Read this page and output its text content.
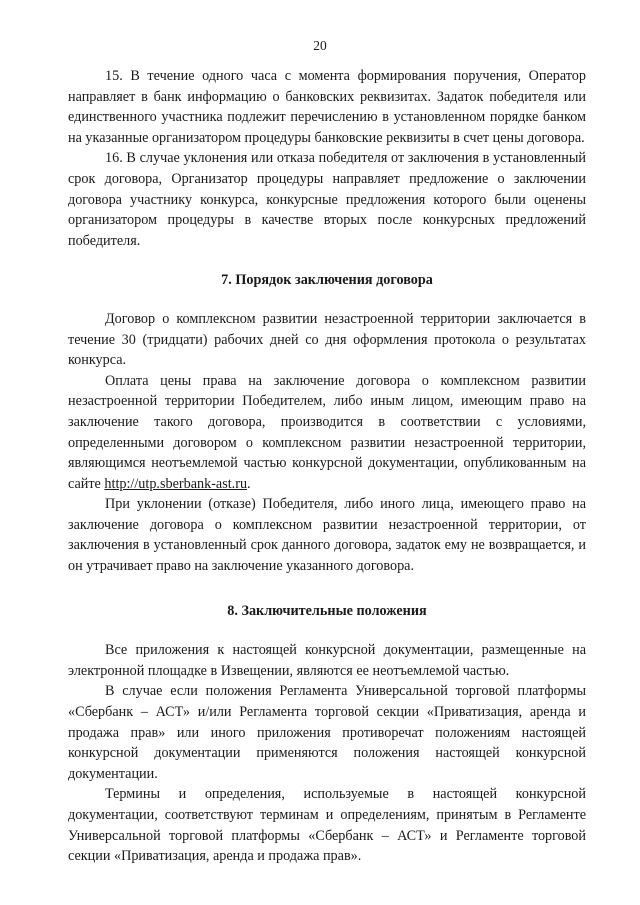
20

15. В течение одного часа с момента формирования поручения, Оператор направляет в банк информацию о банковских реквизитах. Задаток победителя или единственного участника подлежит перечислению в установленном порядке банком на указанные организатором процедуры банковские реквизиты в счет цены договора.

16. В случае уклонения или отказа победителя от заключения в установленный срок договора, Организатор процедуры направляет предложение о заключении договора участнику конкурса, конкурсные предложения которого были оценены организатором процедуры в качестве вторых после конкурсных предложений победителя.

7. Порядок заключения договора

Договор о комплексном развитии незастроенной территории заключается в течение 30 (тридцати) рабочих дней со дня оформления протокола о результатах конкурса.

Оплата цены права на заключение договора о комплексном развитии незастроенной территории Победителем, либо иным лицом, имеющим право на заключение такого договора, производится в соответствии с условиями, определенными договором о комплексном развитии незастроенной территории, являющимся неотъемлемой частью конкурсной документации, опубликованным на сайте http://utp.sberbank-ast.ru.

При уклонении (отказе) Победителя, либо иного лица, имеющего право на заключение договора о комплексном развитии незастроенной территории, от заключения в установленный срок данного договора, задаток ему не возвращается, и он утрачивает право на заключение указанного договора.

8. Заключительные положения

Все приложения к настоящей конкурсной документации, размещенные на электронной площадке в Извещении, являются ее неотъемлемой частью.

В случае если положения Регламента Универсальной торговой платформы «Сбербанк – АСТ» и/или Регламента торговой секции «Приватизация, аренда и продажа прав» или иного приложения противоречат положениям настоящей конкурсной документации применяются положения настоящей конкурсной документации.

Термины и определения, используемые в настоящей конкурсной документации, соответствуют терминам и определениям, принятым в Регламенте Универсальной торговой платформы «Сбербанк – АСТ» и Регламенте торговой секции «Приватизация, аренда и продажа прав».
